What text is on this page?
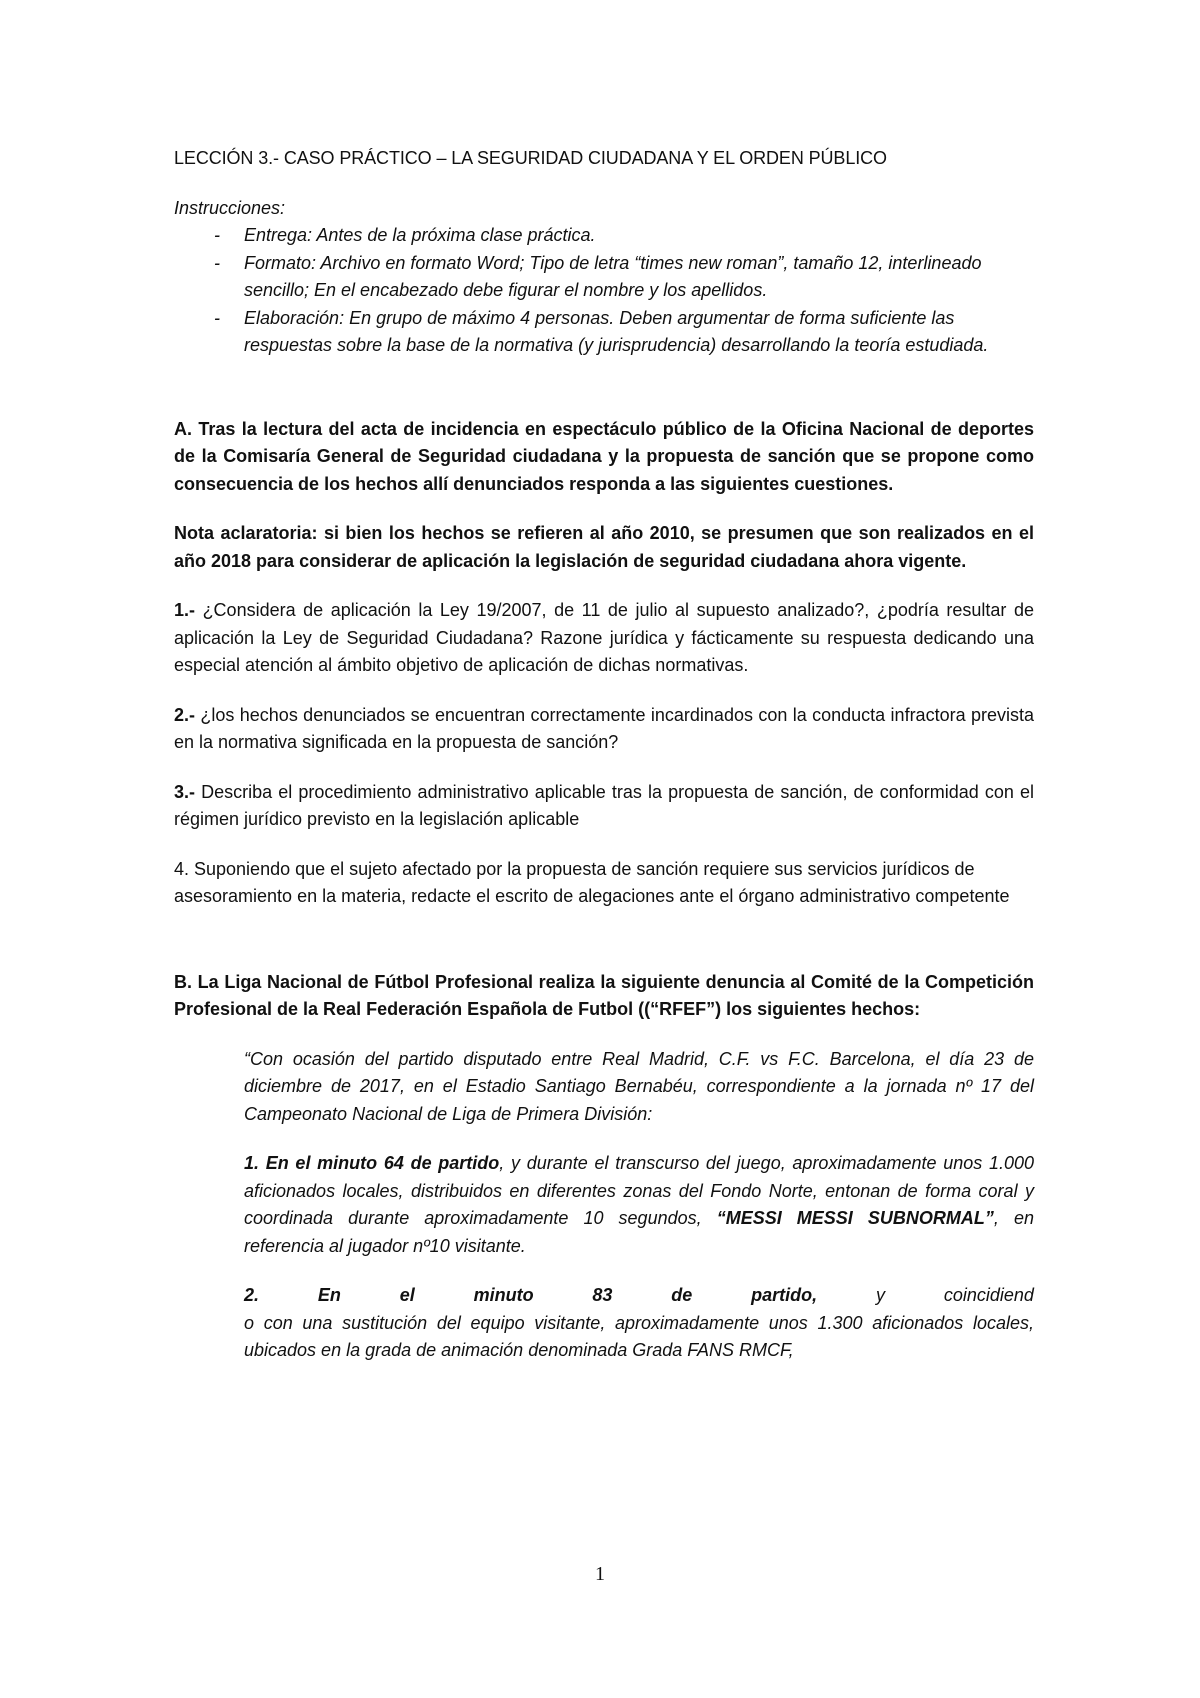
LECCIÓN 3.- CASO PRÁCTICO – LA SEGURIDAD CIUDADANA Y EL ORDEN PÚBLICO

Instrucciones:

- Entrega: Antes de la próxima clase práctica.
- Formato: Archivo en formato Word; Tipo de letra “times new roman”, tamaño 12, interlineado sencillo; En el encabezado debe figurar el nombre y los apellidos.
- Elaboración: En grupo de máximo 4 personas. Deben argumentar de forma suficiente las respuestas sobre la base de la normativa (y jurisprudencia) desarrollando la teoría estudiada.

A. Tras la lectura del acta de incidencia en espectáculo público de la Oficina Nacional de deportes de la Comisaría General de Seguridad ciudadana y la propuesta de sanción que se propone como consecuencia de los hechos allí denunciados responda a las siguientes cuestiones.

Nota aclaratoria: si bien los hechos se refieren al año 2010, se presumen que son realizados en el año 2018 para considerar de aplicación la legislación de seguridad ciudadana ahora vigente.

1.- ¿Considera de aplicación la Ley 19/2007, de 11 de julio al supuesto analizado?, ¿podría resultar de aplicación la Ley de Seguridad Ciudadana? Razone jurídica y fácticamente su respuesta dedicando una especial atención al ámbito objetivo de aplicación de dichas normativas.

2.- ¿los hechos denunciados se encuentran correctamente incardinados con la conducta infractora prevista en la normativa significada en la propuesta de sanción?

3.- Describa el procedimiento administrativo aplicable tras la propuesta de sanción, de conformidad con el régimen jurídico previsto en la legislación aplicable

4. Suponiendo que el sujeto afectado por la propuesta de sanción requiere sus servicios jurídicos de asesoramiento en la materia, redacte el escrito de alegaciones ante el órgano administrativo competente

B. La Liga Nacional de Fútbol Profesional realiza la siguiente denuncia al Comité de la Competición Profesional de la Real Federación Española de Futbol ((“RFEF”) los siguientes hechos:

“Con ocasión del partido disputado entre Real Madrid, C.F. vs F.C. Barcelona, el día 23 de diciembre de 2017, en el Estadio Santiago Bernabéu, correspondiente a la jornada nº 17 del Campeonato Nacional de Liga de Primera División:

1. En el minuto 64 de partido, y durante el transcurso del juego, aproximadamente unos 1.000 aficionados locales, distribuidos en diferentes zonas del Fondo Norte, entonan de forma coral y coordinada durante aproximadamente 10 segundos, “MESSI MESSI SUBNORMAL”, en referencia al jugador nº10 visitante.

2.	En	el	minuto	83	de	partido,	y	coincidiend

o con una sustitución del equipo visitante, aproximadamente unos 1.300 aficionados locales, ubicados en la grada de animación denominada Grada FANS RMCF,

1
